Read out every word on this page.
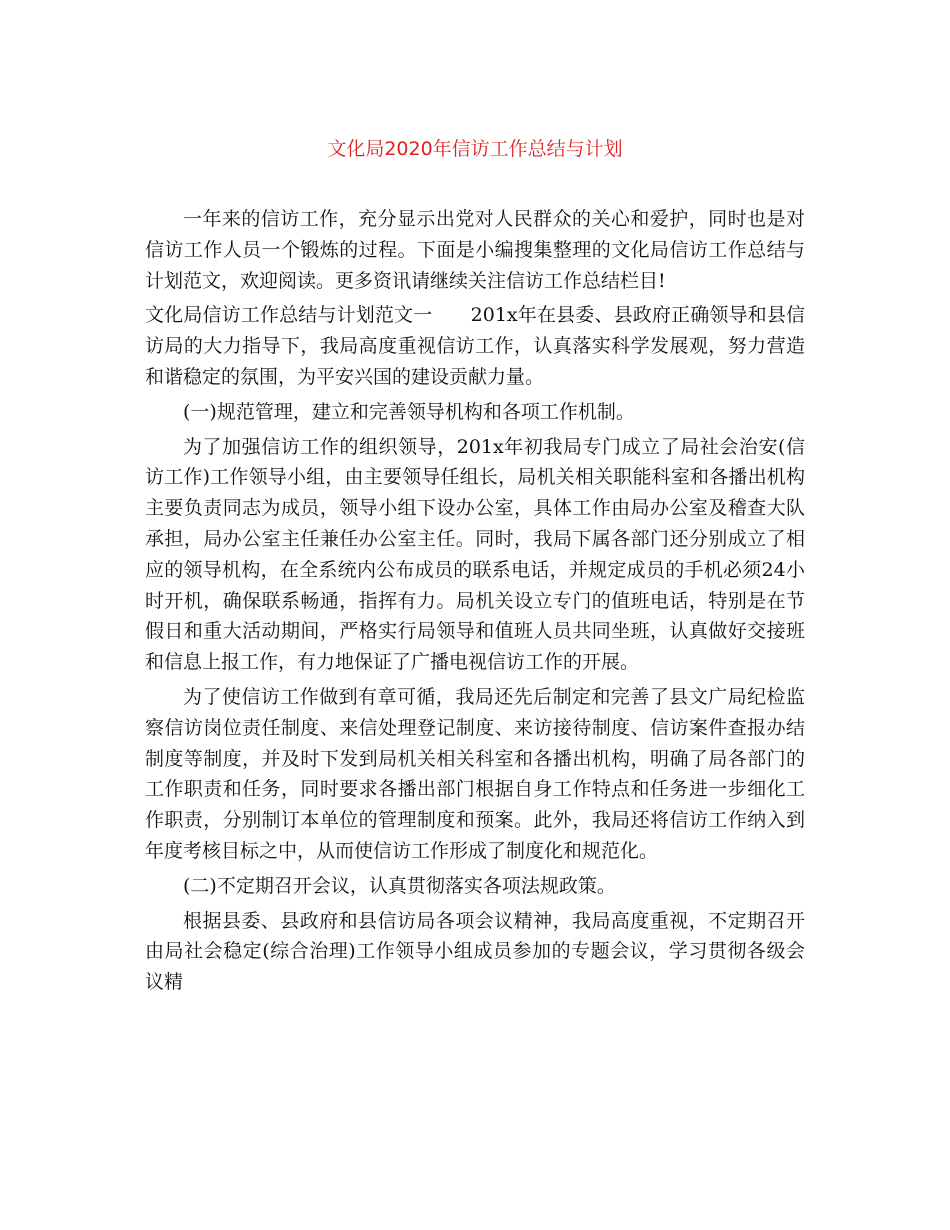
文化局2020年信访工作总结与计划

一年来的信访工作，充分显示出党对人民群众的关心和爱护，同时也是对信访工作人员一个锻炼的过程。下面是小编搜集整理的文化局信访工作总结与计划范文，欢迎阅读。更多资讯请继续关注信访工作总结栏目!

文化局信访工作总结与计划范文一　　201x年在县委、县政府正确领导和县信访局的大力指导下，我局高度重视信访工作，认真落实科学发展观，努力营造和谐稳定的氛围，为平安兴国的建设贡献力量。

(一)规范管理，建立和完善领导机构和各项工作机制。

为了加强信访工作的组织领导，201x年初我局专门成立了局社会治安(信访工作)工作领导小组，由主要领导任组长，局机关相关职能科室和各播出机构主要负责同志为成员，领导小组下设办公室，具体工作由局办公室及稽查大队承担，局办公室主任兼任办公室主任。同时，我局下属各部门还分别成立了相应的领导机构，在全系统内公布成员的联系电话，并规定成员的手机必须24小时开机，确保联系畅通，指挥有力。局机关设立专门的值班电话，特别是在节假日和重大活动期间，严格实行局领导和值班人员共同坐班，认真做好交接班和信息上报工作，有力地保证了广播电视信访工作的开展。

为了使信访工作做到有章可循，我局还先后制定和完善了县文广局纪检监察信访岗位责任制度、来信处理登记制度、来访接待制度、信访案件查报办结制度等制度，并及时下发到局机关相关科室和各播出机构，明确了局各部门的工作职责和任务，同时要求各播出部门根据自身工作特点和任务进一步细化工作职责，分别制订本单位的管理制度和预案。此外，我局还将信访工作纳入到年度考核目标之中，从而使信访工作形成了制度化和规范化。

(二)不定期召开会议，认真贯彻落实各项法规政策。

根据县委、县政府和县信访局各项会议精神，我局高度重视，不定期召开由局社会稳定(综合治理)工作领导小组成员参加的专题会议，学习贯彻各级会议精
